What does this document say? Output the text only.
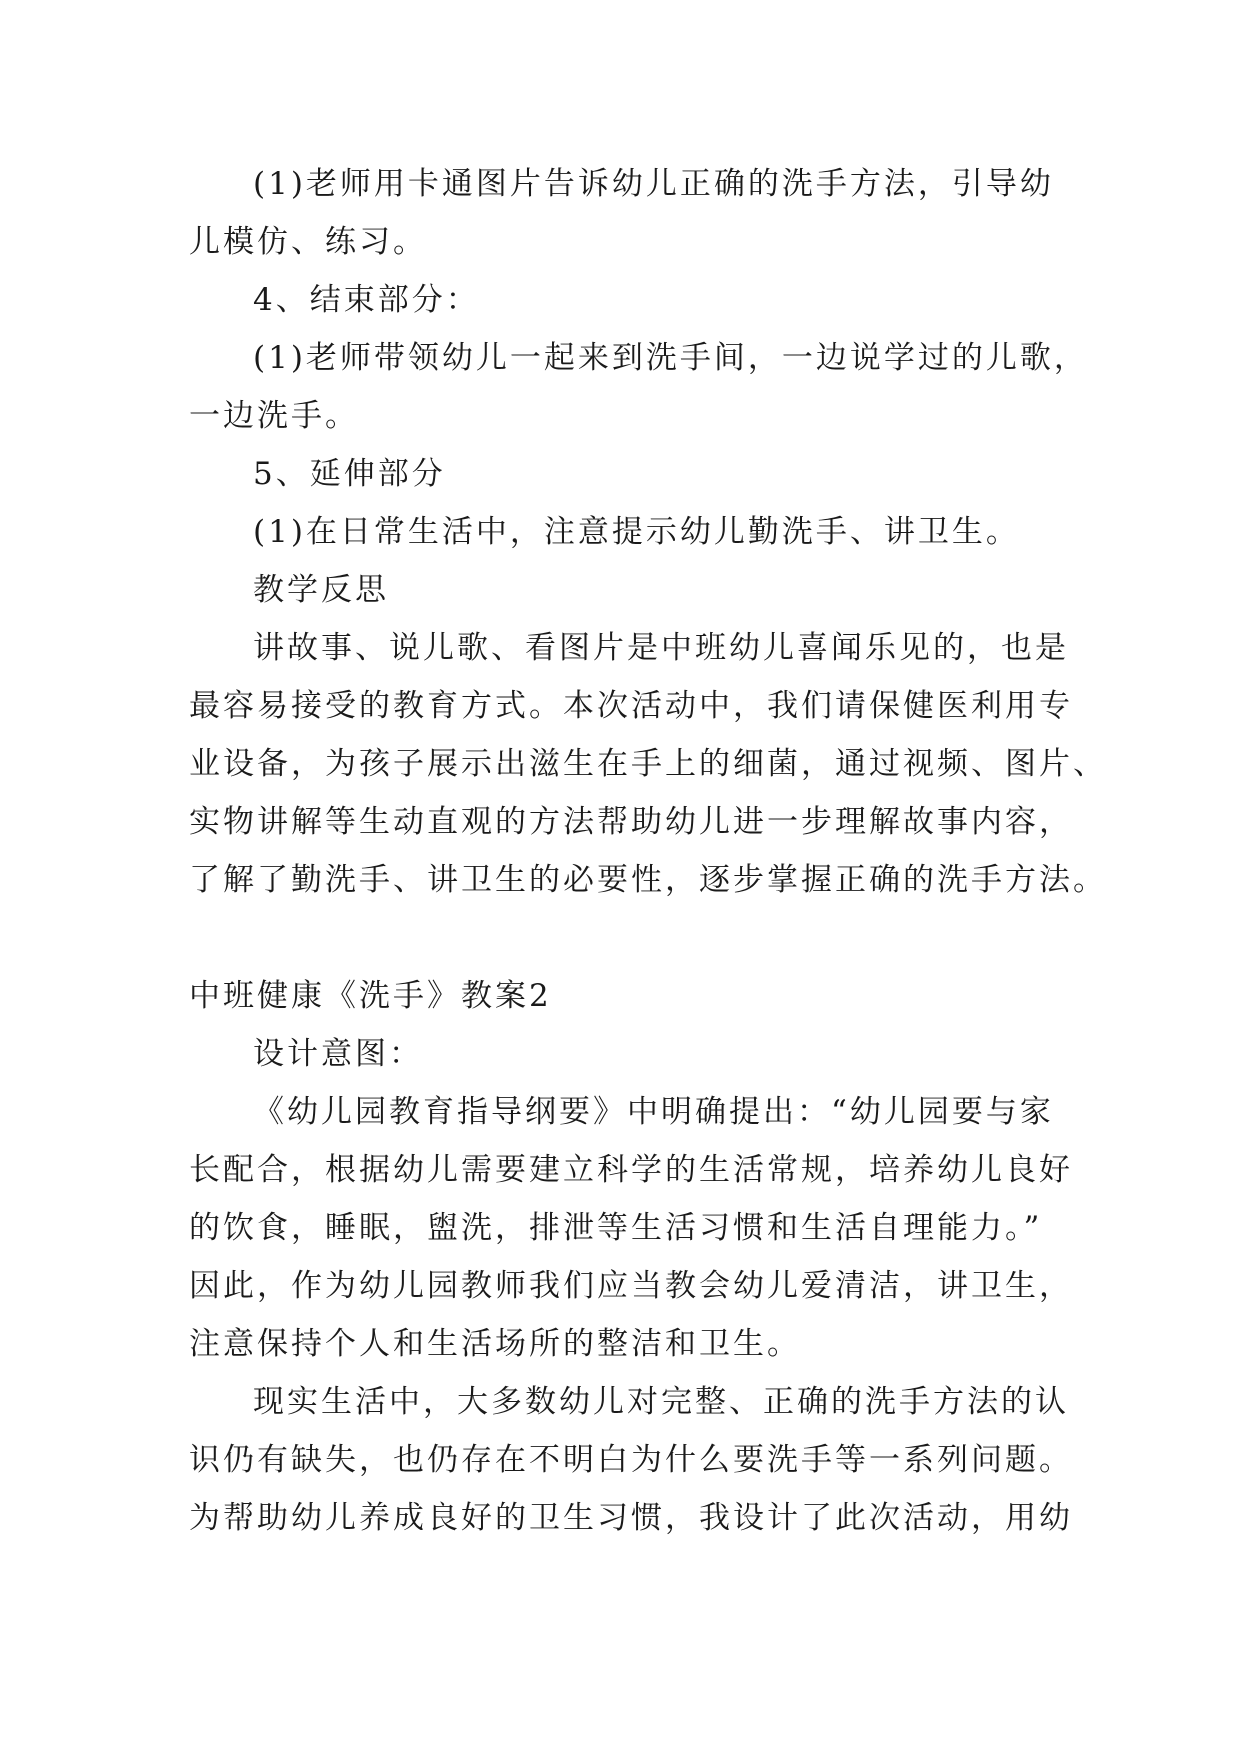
(1)老师用卡通图片告诉幼儿正确的洗手方法，引导幼
儿模仿、练习。
4、结束部分：
(1)老师带领幼儿一起来到洗手间，一边说学过的儿歌，
一边洗手。
5、延伸部分
(1)在日常生活中，注意提示幼儿勤洗手、讲卫生。
教学反思
讲故事、说儿歌、看图片是中班幼儿喜闻乐见的，也是
最容易接受的教育方式。本次活动中，我们请保健医利用专
业设备，为孩子展示出滋生在手上的细菌，通过视频、图片、
实物讲解等生动直观的方法帮助幼儿进一步理解故事内容，
了解了勤洗手、讲卫生的必要性，逐步掌握正确的洗手方法。
中班健康《洗手》教案2
设计意图：
《幼儿园教育指导纲要》中明确提出：“幼儿园要与家
长配合，根据幼儿需要建立科学的生活常规，培养幼儿良好
的饮食，睡眠，盥洗，排泄等生活习惯和生活自理能力。”
因此，作为幼儿园教师我们应当教会幼儿爱清洁，讲卫生，
注意保持个人和生活场所的整洁和卫生。
现实生活中，大多数幼儿对完整、正确的洗手方法的认
识仍有缺失，也仍存在不明白为什么要洗手等一系列问题。
为帮助幼儿养成良好的卫生习惯，我设计了此次活动，用幼
